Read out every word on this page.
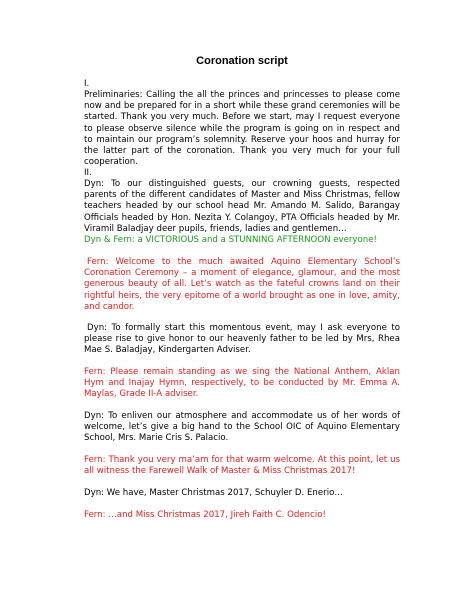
Coronation script
I.

Preliminaries: Calling the all the princes and princesses to please come now and be prepared for in a short while these grand ceremonies will be started. Thank you very much. Before we start, may I request everyone to please observe silence while the program is going on in respect and to maintain our program’s solemnity. Reserve your hoos and hurray for the latter part of the coronation. Thank you very much for your full cooperation.

II.

Dyn: To our distinguished guests, our crowning guests, respected parents of the different candidates of Master and Miss Christmas, fellow teachers headed by our school head Mr. Amando M. Salido, Barangay Officials headed by Hon. Nezita Y. Colangoy, PTA Officials headed by Mr. Viramil Baladjay deer pupils, friends, ladies and gentlemen…

Dyn & Fern: a VICTORIOUS and a STUNNING AFTERNOON everyone!

Fern: Welcome to the much awaited Aquino Elementary School’s Coronation Ceremony – a moment of elegance, glamour, and the most generous beauty of all. Let’s watch as the fateful crowns land on their rightful heirs, the very epitome of a world brought as one in love, amity, and candor.

Dyn: To formally start this momentous event, may I ask everyone to please rise to give honor to our heavenly father to be led by Mrs, Rhea Mae S. Baladjay, Kindergarten Adviser.

Fern: Please remain standing as we sing the National Anthem, Aklan Hym and Inajay Hymn, respectively, to be conducted by Mr. Emma A. Maylas, Grade II-A adviser.

Dyn: To enliven our atmosphere and accommodate us of her words of welcome, let’s give a big hand to the School OIC of Aquino Elementary School, Mrs. Marie Cris S. Palacio.

Fern: Thank you very ma’am for that warm welcome. At this point, let us all witness the Farewell Walk of Master & Miss Christmas 2017!

Dyn: We have, Master Christmas 2017, Schuyler D. Enerio…

Fern: …and Miss Christmas 2017, Jireh Faith C. Odencio!
